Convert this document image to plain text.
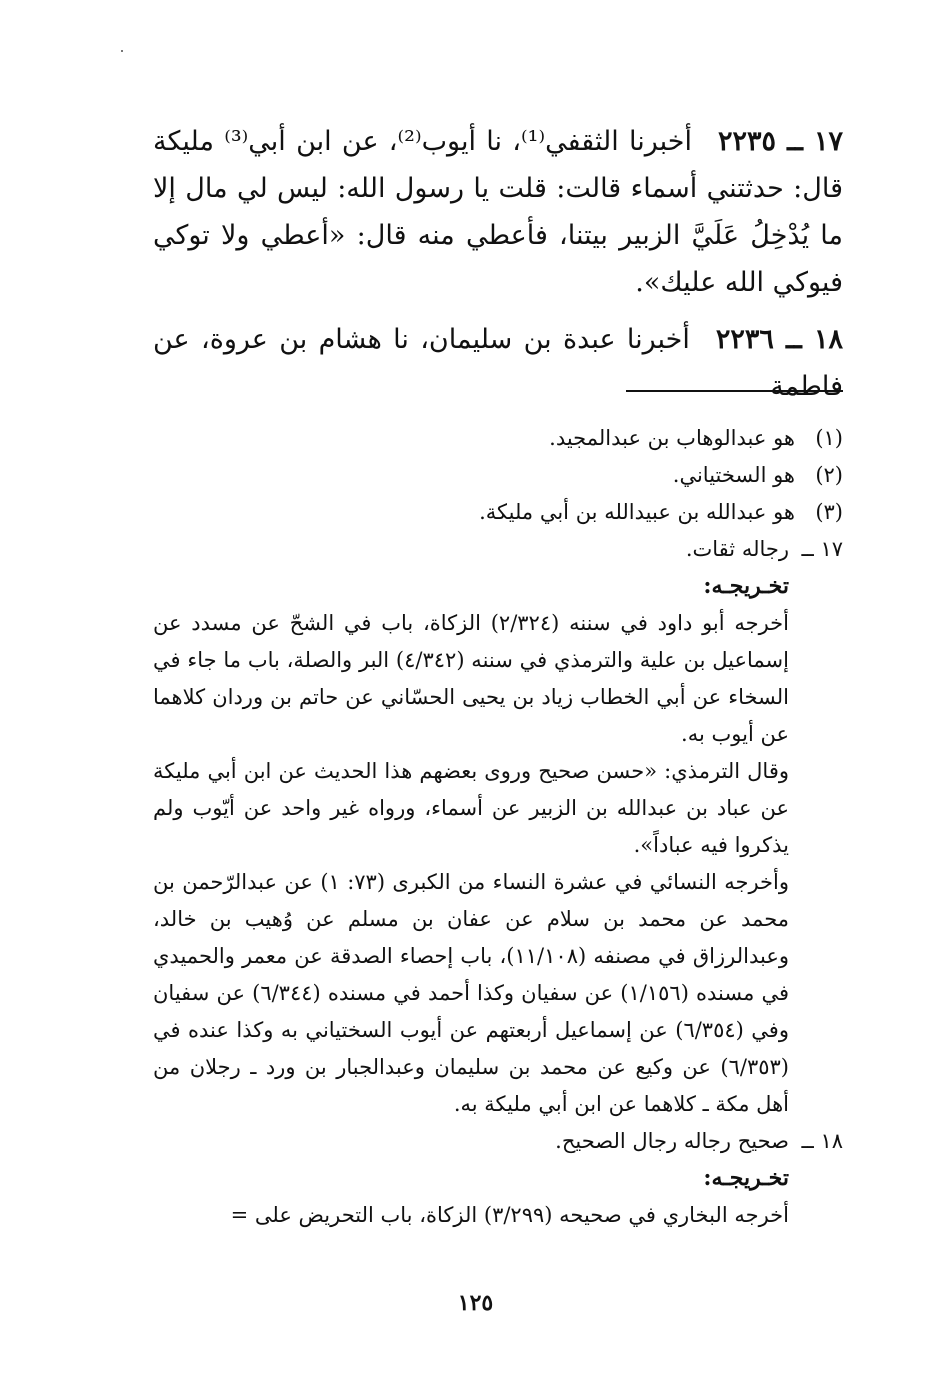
١٧ ــ ٢٢٣٥أخبرنا الثقفي⁽¹⁾، نا أيوب⁽²⁾، عن ابن أبي⁽³⁾ مليكة قال: حدثتني أسماء قالت: قلت يا رسول الله: ليس لي مال إلا ما يُدْخِلُ عَلَيَّ الزبير بيتنا، فأعطي منه قال: «أعطي ولا توكي فيوكي الله عليك».

١٨ ــ ٢٢٣٦أخبرنا عبدة بن سليمان، نا هشام بن عروة، عن فاطمة

(١)هو عبدالوهاب بن عبدالمجيد.
(٢)هو السختياني.
(٣)هو عبدالله بن عبيدالله بن أبي مليكة.
١٧ ــرجاله ثقات.
تخـريجـه:
أخرجه أبو داود في سننه (٢/٣٢٤) الزكاة، باب في الشحّ عن مسدد عن إسماعيل بن علية والترمذي في سننه (٤/٣٤٢) البر والصلة، باب ما جاء في السخاء عن أبي الخطاب زياد بن يحيى الحسّاني عن حاتم بن وردان كلاهما عن أيوب به.
وقال الترمذي: «حسن صحيح وروى بعضهم هذا الحديث عن ابن أبي مليكة عن عباد بن عبدالله بن الزبير عن أسماء، ورواه غير واحد عن أيّوب ولم يذكروا فيه عباداً».
وأخرجه النسائي في عشرة النساء من الكبرى (٧٣: ١) عن عبدالرّحمن بن محمد عن محمد بن سلام عن عفان بن مسلم عن وُهيب بن خالد، وعبدالرزاق في مصنفه (١١/١٠٨)، باب إحصاء الصدقة عن معمر والحميدي في مسنده (١/١٥٦) عن سفيان وكذا أحمد في مسنده (٦/٣٤٤) عن سفيان وفي (٦/٣٥٤) عن إسماعيل أربعتهم عن أيوب السختياني به وكذا عنده في (٦/٣٥٣) عن وكيع عن محمد بن سليمان وعبدالجبار بن ورد ـ رجلان من أهل مكة ـ كلاهما عن ابن أبي مليكة به.
١٨ ــصحيح رجاله رجال الصحيح.
تخـريجـه:
أخرجه البخاري في صحيحه (٣/٢٩٩) الزكاة، باب التحريض على =
١٢٥
